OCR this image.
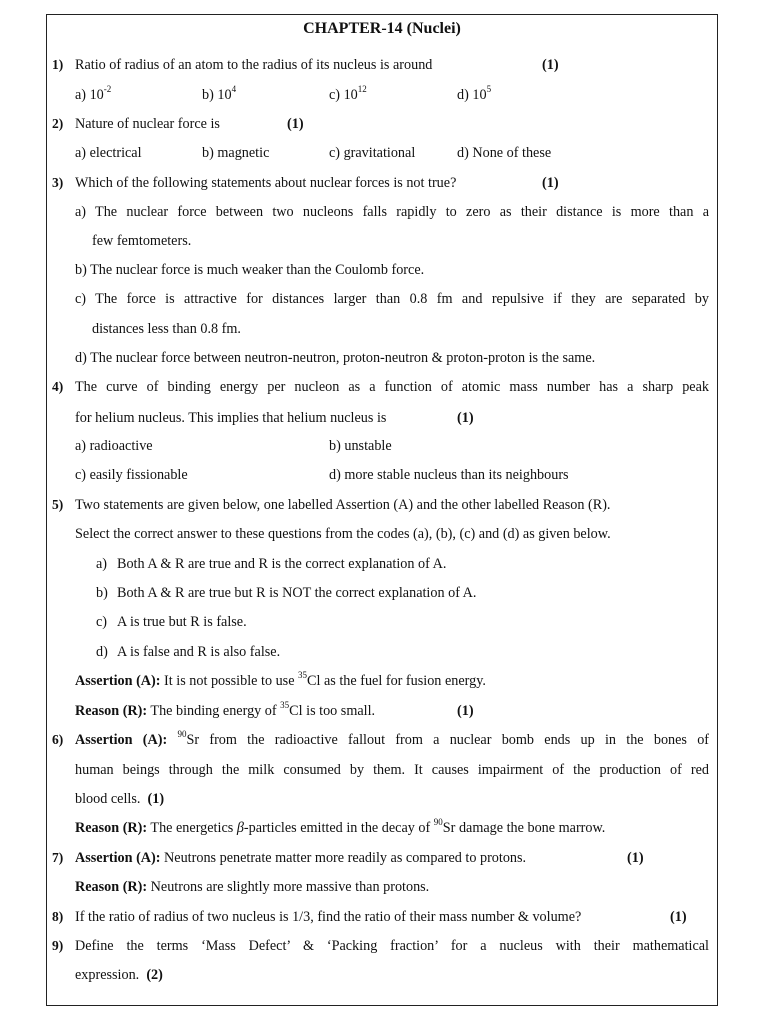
CHAPTER-14 (Nuclei)
1) Ratio of radius of an atom to the radius of its nucleus is around	(1)
a) $10^{-2}$	b) $10^4$	c) $10^{12}$	d) $10^5$
2) Nature of nuclear force is	(1)
a) electrical	b) magnetic	c) gravitational	d) None of these
3) Which of the following statements about nuclear forces is not true?	(1)
a) The nuclear force between two nucleons falls rapidly to zero as their distance is more than a
few femtometers.
b) The nuclear force is much weaker than the Coulomb force.
c) The force is attractive for distances larger than 0.8 fm and repulsive if they are separated by
distances less than 0.8 fm.
d) The nuclear force between neutron-neutron, proton-neutron & proton-proton is the same.
4) The curve of binding energy per nucleon as a function of atomic mass number has a sharp peak
for helium nucleus. This implies that helium nucleus is	(1)
a) radioactive	b) unstable
c) easily fissionable	d) more stable nucleus than its neighbours
5) Two statements are given below, one labelled Assertion (A) and the other labelled Reason (R).
Select the correct answer to these questions from the codes (a), (b), (c) and (d) as given below.
a) Both A & R are true and R is the correct explanation of A.
b) Both A & R are true but R is NOT the correct explanation of A.
c) A is true but R is false.
d) A is false and R is also false.
Assertion (A): It is not possible to use $^{35}$Cl as the fuel for fusion energy.
Reason (R): The binding energy of $^{35}$Cl is too small.	(1)
6) Assertion (A): $^{90}$Sr from the radioactive fallout from a nuclear bomb ends up in the bones of
human beings through the milk consumed by them. It causes impairment of the production of red
blood cells. (1)
Reason (R): The energetics β-particles emitted in the decay of $^{90}$Sr damage the bone marrow.
7) Assertion (A): Neutrons penetrate matter more readily as compared to protons.	(1)
Reason (R): Neutrons are slightly more massive than protons.
8) If the ratio of radius of two nucleus is 1/3, find the ratio of their mass number & volume?	(1)
9) Define the terms ‘Mass Defect’ & ‘Packing fraction’ for a nucleus with their mathematical
expression. (2)
